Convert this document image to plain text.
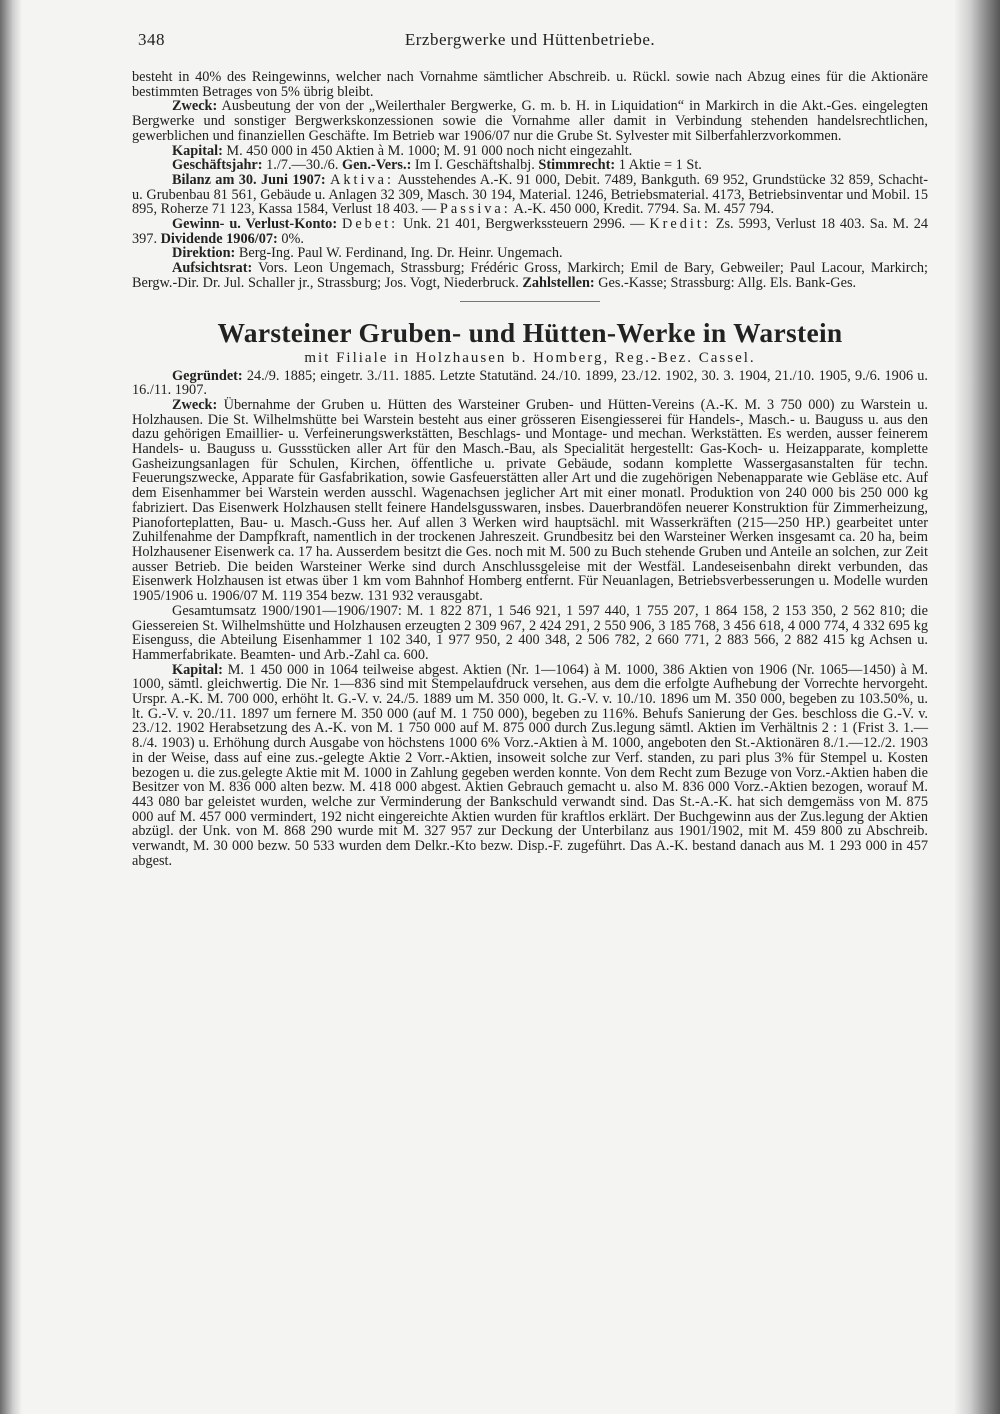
348	Erzbergwerke und Hüttenbetriebe.

besteht in 40% des Reingewinns, welcher nach Vornahme sämtlicher Abschreib. u. Rückl. sowie nach Abzug eines für die Aktionäre bestimmten Betrages von 5% übrig bleibt.

Zweck: Ausbeutung der von der „Weilerthaler Bergwerke, G. m. b. H. in Liquidation“ in Markirch in die Akt.-Ges. eingelegten Bergwerke und sonstiger Bergwerkskonzessionen sowie die Vornahme aller damit in Verbindung stehenden handelsrechtlichen, gewerblichen und finanziellen Geschäfte. Im Betrieb war 1906/07 nur die Grube St. Sylvester mit Silberfahlerzvorkommen.

Kapital: M. 450 000 in 450 Aktien à M. 1000; M. 91 000 noch nicht eingezahlt.

Geschäftsjahr: 1./7.—30./6. Gen.-Vers.: Im I. Geschäftshalbj. Stimmrecht: 1 Aktie = 1 St.

Bilanz am 30. Juni 1907: Aktiva: Ausstehendes A.-K. 91 000, Debit. 7489, Bankguth. 69 952, Grundstücke 32 859, Schacht- u. Grubenbau 81 561, Gebäude u. Anlagen 32 309, Masch. 30 194, Material. 1246, Betriebsmaterial. 4173, Betriebsinventar und Mobil. 15 895, Roherze 71 123, Kassa 1584, Verlust 18 403. — Passiva: A.-K. 450 000, Kredit. 7794. Sa. M. 457 794.

Gewinn- u. Verlust-Konto: Debet: Unk. 21 401, Bergwerkssteuern 2996. — Kredit: Zs. 5993, Verlust 18 403. Sa. M. 24 397. Dividende 1906/07: 0%.

Direktion: Berg-Ing. Paul W. Ferdinand, Ing. Dr. Heinr. Ungemach.

Aufsichtsrat: Vors. Leon Ungemach, Strassburg; Frédéric Gross, Markirch; Emil de Bary, Gebweiler; Paul Lacour, Markirch; Bergw.-Dir. Dr. Jul. Schaller jr., Strassburg; Jos. Vogt, Niederbruck. Zahlstellen: Ges.-Kasse; Strassburg: Allg. Els. Bank-Ges.

Warsteiner Gruben- und Hütten-Werke in Warstein
mit Filiale in Holzhausen b. Homberg, Reg.-Bez. Cassel.

Gegründet: 24./9. 1885; eingetr. 3./11. 1885. Letzte Statutänd. 24./10. 1899, 23./12. 1902, 30. 3. 1904, 21./10. 1905, 9./6. 1906 u. 16./11. 1907.

Zweck: Übernahme der Gruben u. Hütten des Warsteiner Gruben- und Hütten-Vereins (A.-K. M. 3 750 000) zu Warstein u. Holzhausen. Die St. Wilhelmshütte bei Warstein besteht aus einer grösseren Eisengiesserei für Handels-, Masch.- u. Bauguss u. aus den dazu gehörigen Emaillier- u. Verfeinerungswerkstätten, Beschlags- und Montage- und mechan. Werkstätten. Es werden, ausser feinerem Handels- u. Bauguss u. Gussstücken aller Art für den Masch.-Bau, als Specialität hergestellt: Gas-Koch- u. Heizapparate, komplette Gasheizungsanlagen für Schulen, Kirchen, öffentliche u. private Gebäude, sodann komplette Wassergasanstalten für techn. Feuerungszwecke, Apparate für Gasfabrikation, sowie Gasfeuerstätten aller Art und die zugehörigen Nebenapparate wie Gebläse etc. Auf dem Eisenhammer bei Warstein werden ausschl. Wagenachsen jeglicher Art mit einer monatl. Produktion von 240 000 bis 250 000 kg fabriziert. Das Eisenwerk Holzhausen stellt feinere Handelsgusswaren, insbes. Dauerbrandöfen neuerer Konstruktion für Zimmerheizung, Pianoforteplatten, Bau- u. Masch.-Guss her. Auf allen 3 Werken wird hauptsächl. mit Wasserkräften (215—250 HP.) gearbeitet unter Zuhilfenahme der Dampfkraft, namentlich in der trockenen Jahreszeit. Grundbesitz bei den Warsteiner Werken insgesamt ca. 20 ha, beim Holzhausener Eisenwerk ca. 17 ha. Ausserdem besitzt die Ges. noch mit M. 500 zu Buch stehende Gruben und Anteile an solchen, zur Zeit ausser Betrieb. Die beiden Warsteiner Werke sind durch Anschlussgeleise mit der Westfäl. Landeseisenbahn direkt verbunden, das Eisenwerk Holzhausen ist etwas über 1 km vom Bahnhof Homberg entfernt. Für Neuanlagen, Betriebsverbesserungen u. Modelle wurden 1905/1906 u. 1906/07 M. 119 354 bezw. 131 932 verausgabt.

Gesamtumsatz 1900/1901—1906/1907: M. 1 822 871, 1 546 921, 1 597 440, 1 755 207, 1 864 158, 2 153 350, 2 562 810; die Giessereien St. Wilhelmshütte und Holzhausen erzeugten 2 309 967, 2 424 291, 2 550 906, 3 185 768, 3 456 618, 4 000 774, 4 332 695 kg Eisenguss, die Abteilung Eisenhammer 1 102 340, 1 977 950, 2 400 348, 2 506 782, 2 660 771, 2 883 566, 2 882 415 kg Achsen u. Hammerfabrikate. Beamten- und Arb.-Zahl ca. 600.

Kapital: M. 1 450 000 in 1064 teilweise abgest. Aktien (Nr. 1—1064) à M. 1000, 386 Aktien von 1906 (Nr. 1065—1450) à M. 1000, sämtl. gleichwertig. Die Nr. 1—836 sind mit Stempelaufdruck versehen, aus dem die erfolgte Aufhebung der Vorrechte hervorgeht. Urspr. A.-K. M. 700 000, erhöht lt. G.-V. v. 24./5. 1889 um M. 350 000, lt. G.-V. v. 10./10. 1896 um M. 350 000, begeben zu 103.50%, u. lt. G.-V. v. 20./11. 1897 um fernere M. 350 000 (auf M. 1 750 000), begeben zu 116%. Behufs Sanierung der Ges. beschloss die G.-V. v. 23./12. 1902 Herabsetzung des A.-K. von M. 1 750 000 auf M. 875 000 durch Zus.legung sämtl. Aktien im Verhältnis 2 : 1 (Frist 3. 1.—8./4. 1903) u. Erhöhung durch Ausgabe von höchstens 1000 6% Vorz.-Aktien à M. 1000, angeboten den St.-Aktionären 8./1.—12./2. 1903 in der Weise, dass auf eine zus.-gelegte Aktie 2 Vorr.-Aktien, insoweit solche zur Verf. standen, zu pari plus 3% für Stempel u. Kosten bezogen u. die zus.gelegte Aktie mit M. 1000 in Zahlung gegeben werden konnte. Von dem Recht zum Bezuge von Vorz.-Aktien haben die Besitzer von M. 836 000 alten bezw. M. 418 000 abgest. Aktien Gebrauch gemacht u. also M. 836 000 Vorz.-Aktien bezogen, worauf M. 443 080 bar geleistet wurden, welche zur Verminderung der Bankschuld verwandt sind. Das St.-A.-K. hat sich demgemäss von M. 875 000 auf M. 457 000 vermindert, 192 nicht eingereichte Aktien wurden für kraftlos erklärt. Der Buchgewinn aus der Zus.legung der Aktien abzügl. der Unk. von M. 868 290 wurde mit M. 327 957 zur Deckung der Unterbilanz aus 1901/1902, mit M. 459 800 zu Abschreib. verwandt, M. 30 000 bezw. 50 533 wurden dem Delkr.-Kto bezw. Disp.-F. zugeführt. Das A.-K. bestand danach aus M. 1 293 000 in 457 abgest.
